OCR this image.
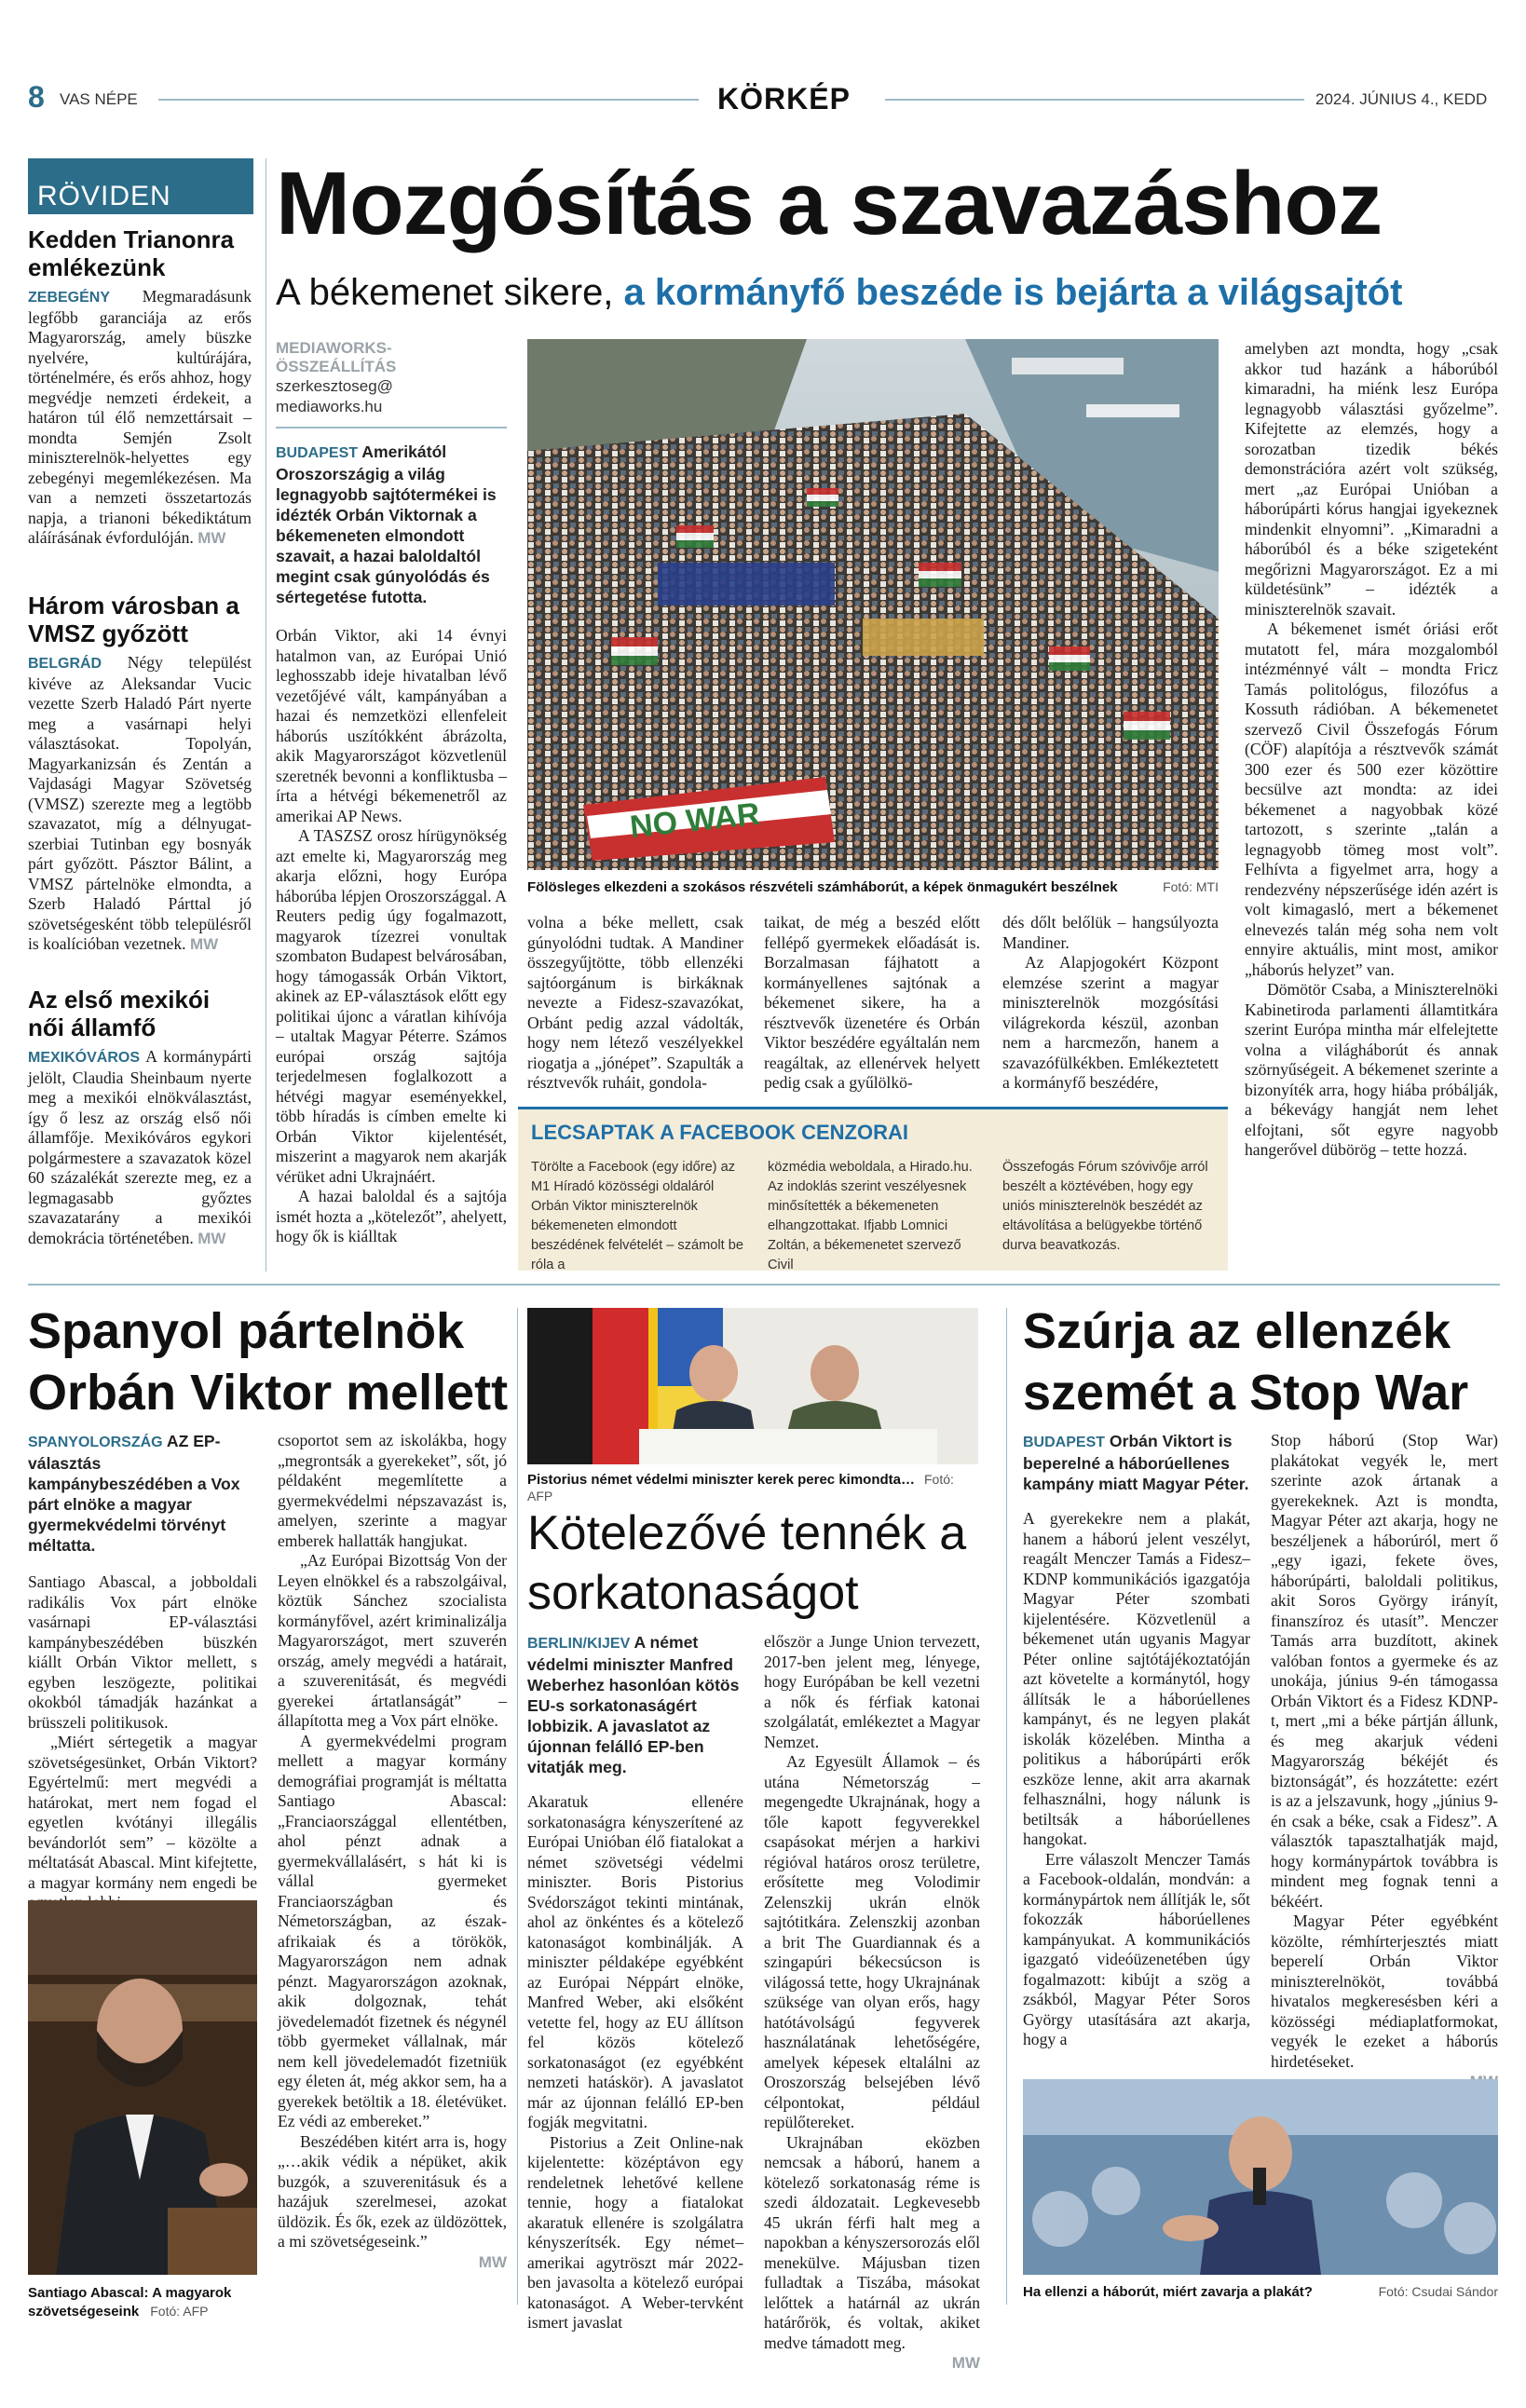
8 VAS NÉPE	KÖRKÉP	2024. JÚNIUS 4., KEDD
RÖVIDEN
Kedden Trianonra emlékezünk

ZEBEGÉNY Megmaradásunk legfőbb garanciája az erős Magyarország, amely büszke nyelvére, kultúrájára, történelmére, és erős ahhoz, hogy megvédje nemzeti érdekeit, a határon túl élő nemzettársait – mondta Semjén Zsolt miniszterelnök-helyettes egy zebegényi megemlékezésen. Ma van a nemzeti összetartozás napja, a trianoni békediktátum aláírásának évfordulóján. MW

Három városban a VMSZ győzött

BELGRÁD Négy települést kivéve az Aleksandar Vucic vezette Szerb Haladó Párt nyerte meg a vasárnapi helyi választásokat. Topolyán, Magyarkanizsán és Zentán a Vajdasági Magyar Szövetség (VMSZ) szerezte meg a legtöbb szavazatot, míg a délnyugat-szerbiai Tutinban egy bosnyák párt győzött. Pásztor Bálint, a VMSZ pártelnöke elmondta, a Szerb Haladó Párttal jó szövetségesként több településről is koalícióban vezetnek. MW

Az első mexikói női államfő

MEXIKÓVÁROS A kormánypárti jelölt, Claudia Sheinbaum nyerte meg a mexikói elnökválasztást, így ő lesz az ország első női államfője. Mexikóváros egykori polgármestere a szavazatok közel 60 százalékát szerezte meg, ez a legmagasabb győztes szavazatarány a mexikói demokrácia történetében. MW

Mozgósítás a szavazáshoz
A békemenet sikere, a kormányfő beszéde is bejárta a világsajtót
MEDIAWORKS-ÖSSZEÁLLÍTÁS
szerkesztoseg@ mediaworks.hu
BUDAPEST Amerikától Oroszországig a világ legnagyobb sajtótermékei is idézték Orbán Viktornak a békemeneten elmondott szavait, a hazai baloldaltól megint csak gúnyolódás és sértegetése futotta.

Orbán Viktor, aki 14 évnyi hatalmon van, az Európai Unió leghosszabb ideje hivatalban lévő vezetőjévé vált, kampányában a hazai és nemzetközi ellenfeleit háborús uszítókként ábrázolta, akik Magyarországot közvetlenül szeretnék bevonni a konfliktusba – írta a hétvégi békemenetről az amerikai AP News.

A TASZSZ orosz hírügynökség azt emelte ki, Magyarország meg akarja előzni, hogy Európa háborúba lépjen Oroszországgal. A Reuters pedig úgy fogalmazott, magyarok tízezrei vonultak szombaton Budapest belvárosában, hogy támogassák Orbán Viktort, akinek az EP-választások előtt egy politikai újonc a váratlan kihívója – utaltak Magyar Péterre. Számos európai ország sajtója terjedelmesen foglalkozott a hétvégi magyar eseményekkel, több híradás is címben emelte ki Orbán Viktor kijelentését, miszerint a magyarok nem akarják vérüket adni Ukrajnáért.

A hazai baloldal és a sajtója ismét hozta a „kötelezőt”, ahelyett, hogy ők is kiálltak

NO WAR
Fölösleges elkezdeni a szokásos részvételi számháborút, a képek önmagukért beszélnek	Fotó: MTI

volna a béke mellett, csak gúnyolódni tudtak. A Mandiner összegyűjtötte, több ellenzéki sajtóorgánum is birkáknak nevezte a Fidesz-szavazókat, Orbánt pedig azzal vádolták, hogy nem létező veszélyekkel riogatja a „jónépet”. Szapulták a résztvevők ruháit, gondola-

taikat, de még a beszéd előtt fellépő gyermekek előadását is. Borzalmasan fájhatott a kormányellenes sajtónak a békemenet sikere, ha a résztvevők üzenetére és Orbán Viktor beszédére egyáltalán nem reagáltak, az ellenérvek helyett pedig csak a gyűlölkö-

dés dőlt belőlük – hangsúlyozta Mandiner.

Az Alapjogokért Központ elemzése szerint a magyar miniszterelnök mozgósítási világrekorda készül, azonban nem a harcmezőn, hanem a szavazófülkékben. Emlékeztetett a kormányfő beszédére,

LECSAPTAK A FACEBOOK CENZORAI
Törölte a Facebook (egy időre) az M1 Híradó közösségi oldaláról Orbán Viktor miniszterelnök békemeneten elmondott beszédének felvételét – számolt be róla a
közmédia weboldala, a Hirado.hu. Az indoklás szerint veszélyesnek minősítették a békemeneten elhangzottakat. Ifjabb Lomnici Zoltán, a békemenetet szervező Civil
Összefogás Fórum szóvivője arról beszélt a köztévében, hogy egy uniós miniszterelnök beszédét az eltávolítása a belügyekbe történő durva beavatkozás.

amelyben azt mondta, hogy „csak akkor tud hazánk a háborúból kimaradni, ha miénk lesz Európa legnagyobb választási győzelme”. Kifejtette az elemzés, hogy a sorozatban tizedik békés demonstrációra azért volt szükség, mert „az Európai Unióban a háborúpárti kórus hangjai igyekeznek mindenkit elnyomni”. „Kimaradni a háborúból és a béke szigeteként megőrizni Magyarországot. Ez a mi küldetésünk” – idézték a miniszterelnök szavait.

A békemenet ismét óriási erőt mutatott fel, mára mozgalomból intézménnyé vált – mondta Fricz Tamás politológus, filozófus a Kossuth rádióban. A békemenetet szervező Civil Összefogás Fórum (CÖF) alapítója a résztvevők számát 300 ezer és 500 ezer közöttire becsülve azt mondta: az idei békemenet a nagyobbak közé tartozott, s szerinte „talán a legnagyobb tömeg most volt”. Felhívta a figyelmet arra, hogy a rendezvény népszerűsége idén azért is volt kimagasló, mert a békemenet elnevezés talán még soha nem volt ennyire aktuális, mint most, amikor „háborús helyzet” van.

Dömötör Csaba, a Miniszterelnöki Kabinetiroda parlamenti államtitkára szerint Európa mintha már elfelejtette volna a világháborút és annak szörnyűségeit. A békemenet szerinte a bizonyíték arra, hogy hiába próbálják, a békevágy hangját nem lehet elfojtani, sőt egyre nagyobb hangerővel dübörög – tette hozzá.

Spanyol pártelnök Orbán Viktor mellett
SPANYOLORSZÁG AZ EP-választás kampánybeszédében a Vox párt elnöke a magyar gyermekvédelmi törvényt méltatta.

Santiago Abascal, a jobboldali radikális Vox párt elnöke vasárnapi EP-választási kampánybeszédében büszkén kiállt Orbán Viktor mellett, s egyben leszögezte, politikai okokból támadják hazánkat a brüsszeli politikusok.

„Miért sértegetik a magyar szövetségesünket, Orbán Viktort? Egyértelmű: mert megvédi a határokat, mert nem fogad el egyetlen kvótányi illegális bevándorlót sem” – közölte a méltatását Abascal. Mint kifejtette, a magyar kormány nem engedi be

Santiago Abascal: A magyarok szövetségeseink Fotó: AFP

csoportot sem az iskolákba, hogy „megrontsák a gyerekeket”, sőt, jó példaként megemlítette a gyermekvédelmi népszavazást is, amelyen, szerinte a magyar emberek hallatták hangjukat.

„Az Európai Bizottság Von der Leyen elnökkel és a rabszolgáival, köztük Sánchez szocialista kormányfővel, azért kriminalizálja Magyarországot, mert szuverén ország, amely megvédi a határait, a szuverenitását, és megvédi gyerekei ártatlanságát” – állapította meg a Vox párt elnöke.

A gyermekvédelmi program mellett a magyar kormány demográfiai programját is méltatta Santiago Abascal: „Franciaországgal ellentétben, ahol pénzt adnak a gyermekvállalásért, s hát ki is vállal gyermeket Franciaországban és Németországban, az észak-afrikaiak és a törökök, Magyarországon nem adnak pénzt. Magyarországon azoknak, akik dolgoznak, tehát jövedelemadót fizetnek és négynél több gyermeket vállalnak, már nem kell jövedelemadót fizetniük egy életen át, még akkor sem, ha a gyerekek betöltik a 18. életévüket. Ez védi az embereket.”

Beszédében kitért arra is, hogy „…akik védik a népüket, akik buzgók, a szuverenitásuk és a hazájuk szerelmesei, azokat üldözik. És ők, ezek az üldözöttek, a mi szövetségeseink.”

MW
Pistorius német védelmi miniszter kerek perec kimondta… Fotó: AFP
Kötelezővé tennék a sorkatonaságot
BERLIN/KIJEV A német védelmi miniszter Manfred Weberhez hasonlóan kötös EU-s sorkatonaságért lobbizik. A javaslatot az újonnan felálló EP-ben vitatják meg.

Akaratuk ellenére sorkatonaságra kényszerítené az Európai Unióban élő fiatalokat a német szövetségi védelmi miniszter. Boris Pistorius Svédországot tekinti mintának, ahol az önkéntes és a kötelező katonaságot kombinálják. A miniszter példaképe egyébként az Európai Néppárt elnöke, Manfred Weber, aki elsőként vetette fel, hogy az EU állítson fel közös kötelező sorkatonaságot (ez egyébként nemzeti hatáskör). A javaslatot már az újonnan felálló EP-ben fogják megvitatni.

Pistorius a Zeit Online-nak kijelentette: középtávon egy rendeletnek lehetővé kellene tennie, hogy a fiatalokat akaratuk ellenére is szolgálatra kényszerítsék. Egy német–amerikai agytröszt már 2022-ben javasolta a kötelező európai katonaságot. A Weber-tervként ismert javaslat

először a Junge Union tervezett, 2017-ben jelent meg, lényege, hogy Európában be kell vezetni a nők és férfiak katonai szolgálatát, emlékeztet a Magyar Nemzet.

Az Egyesült Államok – és utána Németország – megengedte Ukrajnának, hogy a tőle kapott fegyverekkel csapásokat mérjen a harkivi régióval határos orosz területre, erősítette meg Volodimir Zelenszkij ukrán elnök sajtótitkára. Zelenszkij azonban a brit The Guardiannak és a szingapúri békecsúcson is világossá tette, hogy Ukrajnának szüksége van olyan erős, hagy hatótávolságú fegyverek használatának lehetőségére, amelyek képesek eltalálni az Oroszország belsejében lévő célpontokat, például repülőtereket.

Ukrajnában eközben nemcsak a háború, hanem a kötelező sorkatonaság réme is szedi áldozatait. Legkevesebb 45 ukrán férfi halt meg a napokban a kényszersorozás elől menekülve. Májusban tizen fulladtak a Tiszába, másokat lelőttek a határnál az ukrán határőrök, és voltak, akiket medve támadott meg.

MW
Szúrja az ellenzék szemét a Stop War
BUDAPEST Orbán Viktort is beperelné a háborúellenes kampány miatt Magyar Péter.

A gyerekekre nem a plakát, hanem a háború jelent veszélyt, reagált Menczer Tamás a Fidesz–KDNP kommunikációs igazgatója Magyar Péter szombati kijelentésére. Közvetlenül a békemenet után ugyanis Magyar Péter online sajtótájékoztatóján azt követelte a kormánytól, hogy állítsák le a háborúellenes kampányt, és ne legyen plakát iskolák közelében. Mintha a politikus a háborúpárti erők eszköze lenne, akit arra akarnak felhasználni, hogy nálunk is betiltsák a háborúellenes hangokat.

Erre válaszolt Menczer Tamás a Facebook-oldalán, mondván: a kormánypártok nem állítják le, sőt fokozzák háborúellenes kampányukat. A kommunikációs igazgató videóüzenetében úgy fogalmazott: kibújt a szög a zsákból, Magyar Péter Soros György utasítására azt akarja, hogy a

Stop háború (Stop War) plakátokat vegyék le, mert szerinte azok ártanak a gyerekeknek. Azt is mondta, Magyar Péter azt akarja, hogy ne beszéljenek a háborúról, mert ő „egy igazi, feketе öves, háborúpárti, baloldali politikus, akit Soros György irányít, finanszíroz és utasít”. Menczer Tamás arra buzdított, akinek valóban fontos a gyermeke és az unokája, június 9-én támogassa Orbán Viktort és a Fidesz KDNP-t, mert „mi a béke pártján állunk, és meg akarjuk védeni Magyarország békéjét és biztonságát”, és hozzátette: ezért is az a jelszavunk, hogy „június 9-én csak a béke, csak a Fidesz”. A választók tapasztalhatják majd, hogy kormánypártok továbbra is mindent meg fognak tenni a békéért.

Magyar Péter egyébként közölte, rémhírterjesztés miatt beperelí Orbán Viktor miniszterelnököt, továbbá hivatalos megkeresésben kéri a közösségi médiaplatformokat, vegyék le ezeket a háborús hirdetéseket.

Ha ellenzi a háborút, miért zavarja a plakát?	Fotó: Csudai Sándor
